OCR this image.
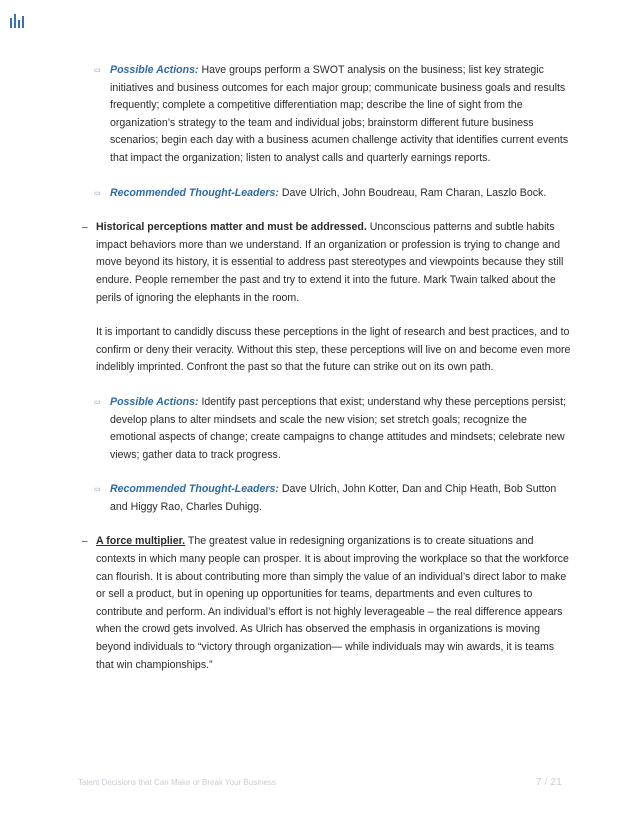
▭ Possible Actions: Have groups perform a SWOT analysis on the business; list key strategic initiatives and business outcomes for each major group; communicate business goals and results frequently; complete a competitive differentiation map; describe the line of sight from the organization’s strategy to the team and individual jobs; brainstorm different future business scenarios; begin each day with a business acumen challenge activity that identifies current events that impact the organization; listen to analyst calls and quarterly earnings reports.

▭ Recommended Thought-Leaders: Dave Ulrich, John Boudreau, Ram Charan, Laszlo Bock.

– Historical perceptions matter and must be addressed. Unconscious patterns and subtle habits impact behaviors more than we understand. If an organization or profession is trying to change and move beyond its history, it is essential to address past stereotypes and viewpoints because they still endure. People remember the past and try to extend it into the future. Mark Twain talked about the perils of ignoring the elephants in the room.

It is important to candidly discuss these perceptions in the light of research and best practices, and to confirm or deny their veracity. Without this step, these perceptions will live on and become even more indelibly imprinted. Confront the past so that the future can strike out on its own path.

▭ Possible Actions: Identify past perceptions that exist; understand why these perceptions persist; develop plans to alter mindsets and scale the new vision; set stretch goals; recognize the emotional aspects of change; create campaigns to change attitudes and mindsets; celebrate new views; gather data to track progress.

▭ Recommended Thought-Leaders: Dave Ulrich, John Kotter, Dan and Chip Heath, Bob Sutton and Higgy Rao, Charles Duhigg.

– A force multiplier. The greatest value in redesigning organizations is to create situations and contexts in which many people can prosper. It is about improving the workplace so that the workforce can flourish. It is about contributing more than simply the value of an individual’s direct labor to make or sell a product, but in opening up opportunities for teams, departments and even cultures to contribute and perform. An individual’s effort is not highly leverageable – the real difference appears when the crowd gets involved. As Ulrich has observed the emphasis in organizations is moving beyond individuals to “victory through organization— while individuals may win awards, it is teams that win championships.”

Talent Decisions that Can Make or Break Your Business	7 / 21
